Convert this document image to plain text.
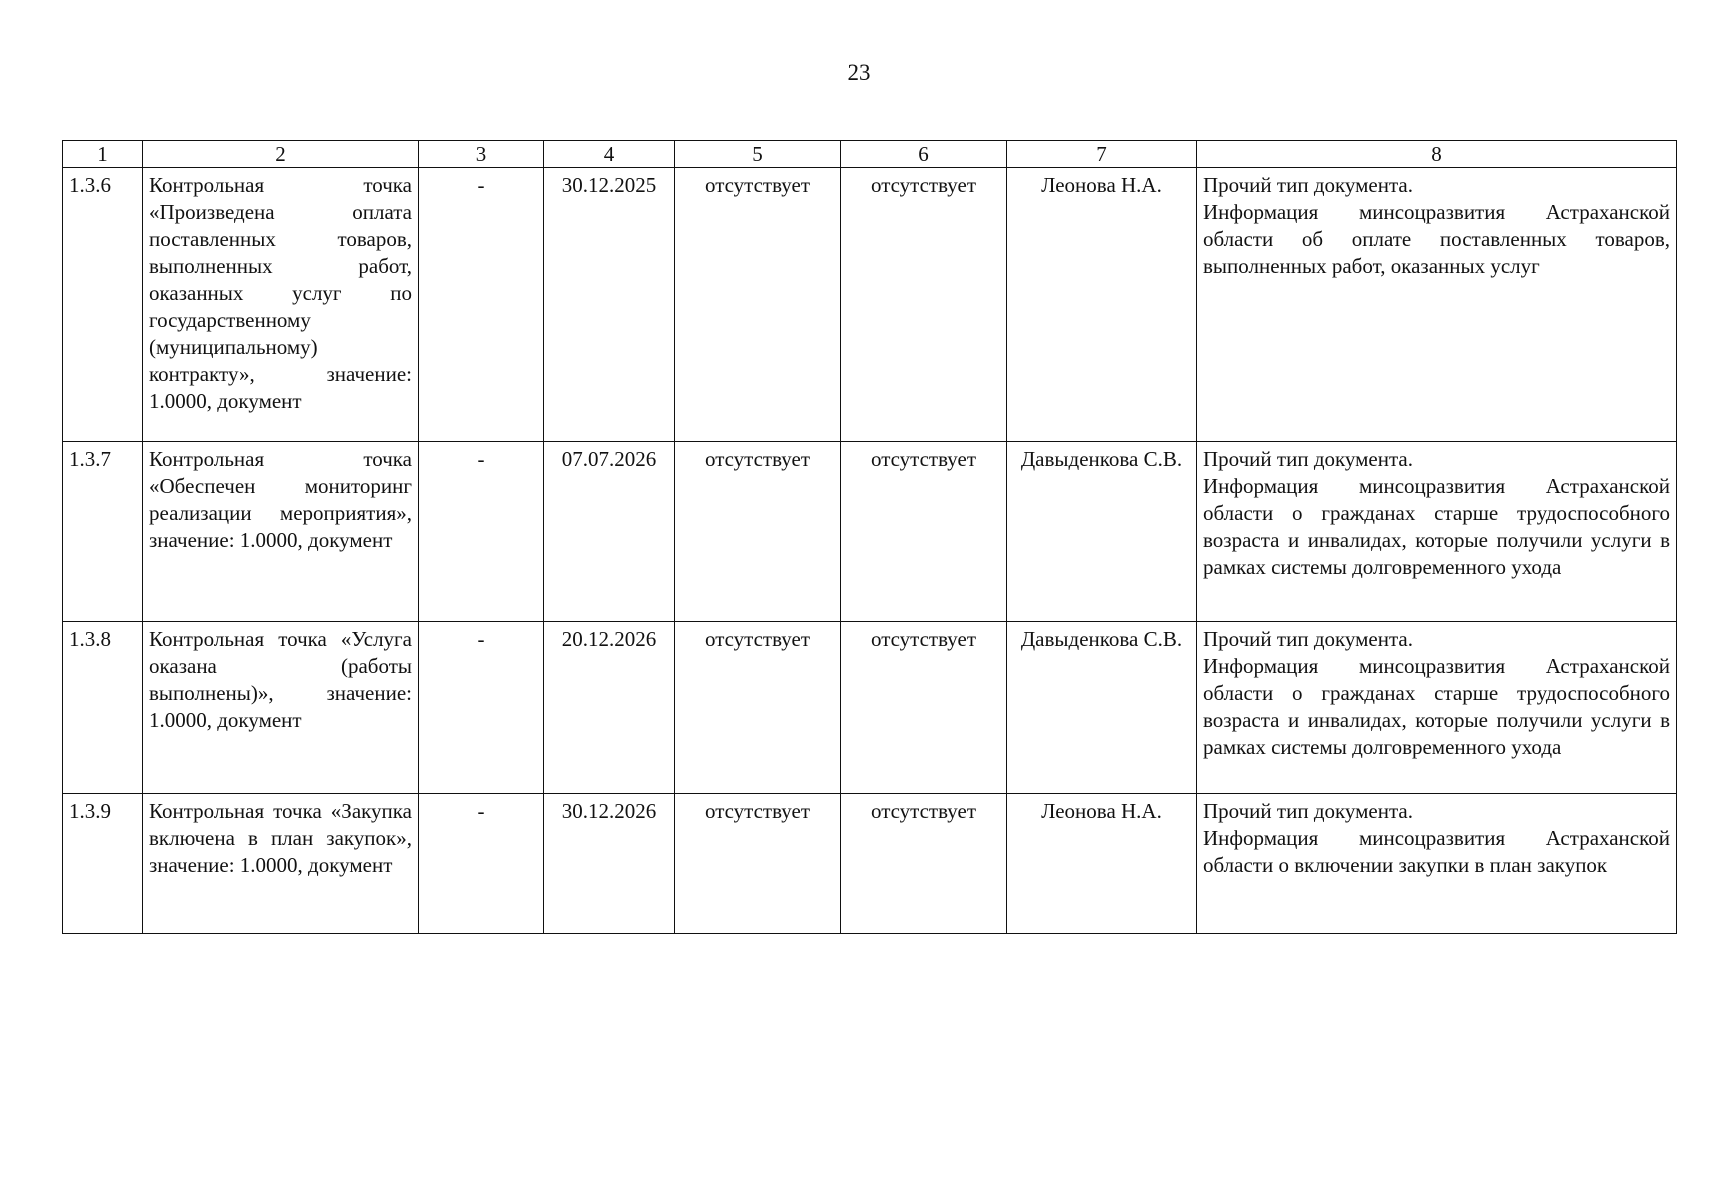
23
1	2	3	4	5	6	7	8
1.3.6	Контрольная точка «Произведена оплата поставленных товаров, выполненных работ, оказанных услуг по государственному (муниципальному) контракту», значение: 1.0000, документ	-	30.12.2025	отсутствует	отсутствует	Леонова Н.А.	Прочий тип документа.
Информация минсоцразвития Астраханской области об оплате поставленных товаров, выполненных работ, оказанных услуг

1.3.7	Контрольная точка «Обеспечен мониторинг реализации мероприятия», значение: 1.0000, документ	-	07.07.2026	отсутствует	отсутствует	Давыденкова С.В.	Прочий тип документа.
Информация минсоцразвития Астраханской области о гражданах старше трудоспособного возраста и инвалидах, которые получили услуги в рамках системы долговременного ухода

1.3.8	Контрольная точка «Услуга оказана (работы выполнены)», значение: 1.0000, документ	-	20.12.2026	отсутствует	отсутствует	Давыденкова С.В.	Прочий тип документа.
Информация минсоцразвития Астраханской области о гражданах старше трудоспособного возраста и инвалидах, которые получили услуги в рамках системы долговременного ухода

1.3.9	Контрольная точка «Закупка включена в план закупок», значение: 1.0000, документ	-	30.12.2026	отсутствует	отсутствует	Леонова Н.А.	Прочий тип документа.
Информация минсоцразвития Астраханской области о включении закупки в план закупок
